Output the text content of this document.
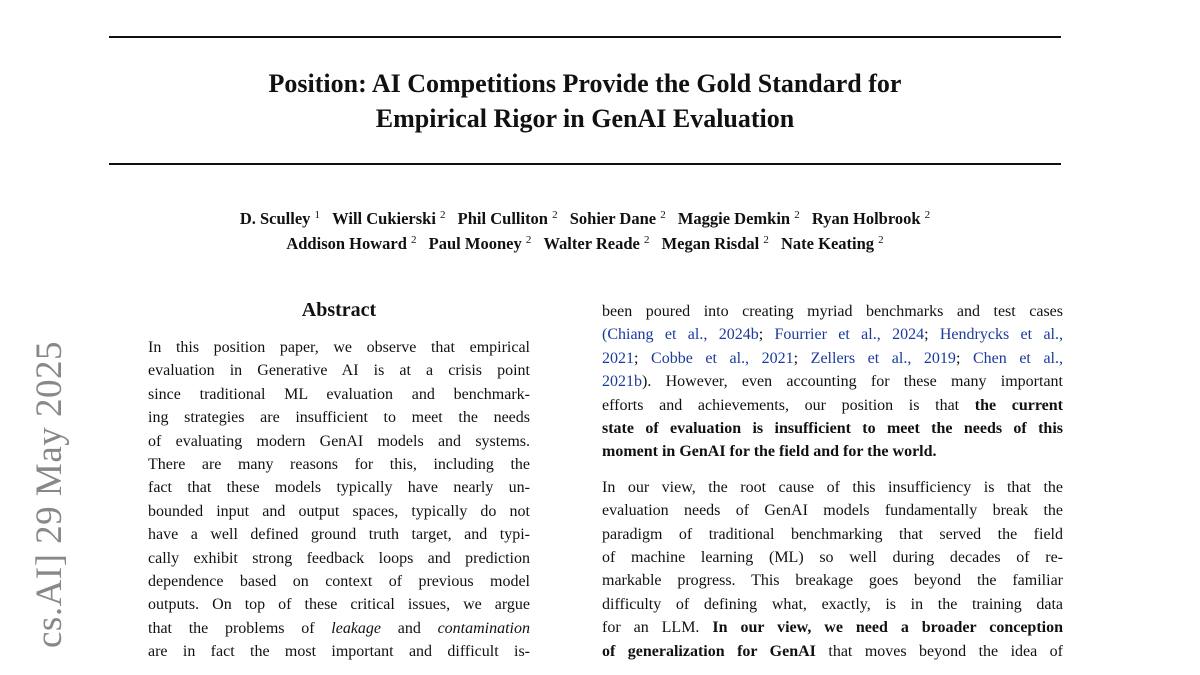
Position: AI Competitions Provide the Gold Standard for
Empirical Rigor in GenAI Evaluation
D. Sculley $^1$ Will Cukierski $^2$ Phil Culliton $^2$ Sohier Dane $^2$ Maggie Demkin $^2$ Ryan Holbrook $^2$
Addison Howard $^2$ Paul Mooney $^2$ Walter Reade $^2$ Megan Risdal $^2$ Nate Keating $^2$
cs.AI] 29 May 2025
Abstract
In this position paper, we observe that empirical
evaluation in Generative AI is at a crisis point
since traditional ML evaluation and benchmark-
ing strategies are insufficient to meet the needs
of evaluating modern GenAI models and systems.
There are many reasons for this, including the
fact that these models typically have nearly un-
bounded input and output spaces, typically do not
have a well defined ground truth target, and typi-
cally exhibit strong feedback loops and prediction
dependence based on context of previous model
outputs. On top of these critical issues, we argue
that the problems of leakage and contamination
are in fact the most important and difficult is-
been poured into creating myriad benchmarks and test cases
(Chiang et al., 2024b; Fourrier et al., 2024; Hendrycks et al.,
2021; Cobbe et al., 2021; Zellers et al., 2019; Chen et al.,
2021b). However, even accounting for these many important
efforts and achievements, our position is that the current
state of evaluation is insufficient to meet the needs of this
moment in GenAI for the field and for the world.
In our view, the root cause of this insufficiency is that the
evaluation needs of GenAI models fundamentally break the
paradigm of traditional benchmarking that served the field
of machine learning (ML) so well during decades of re-
markable progress. This breakage goes beyond the familiar
difficulty of defining what, exactly, is in the training data
for an LLM. In our view, we need a broader conception
of generalization for GenAI that moves beyond the idea of
